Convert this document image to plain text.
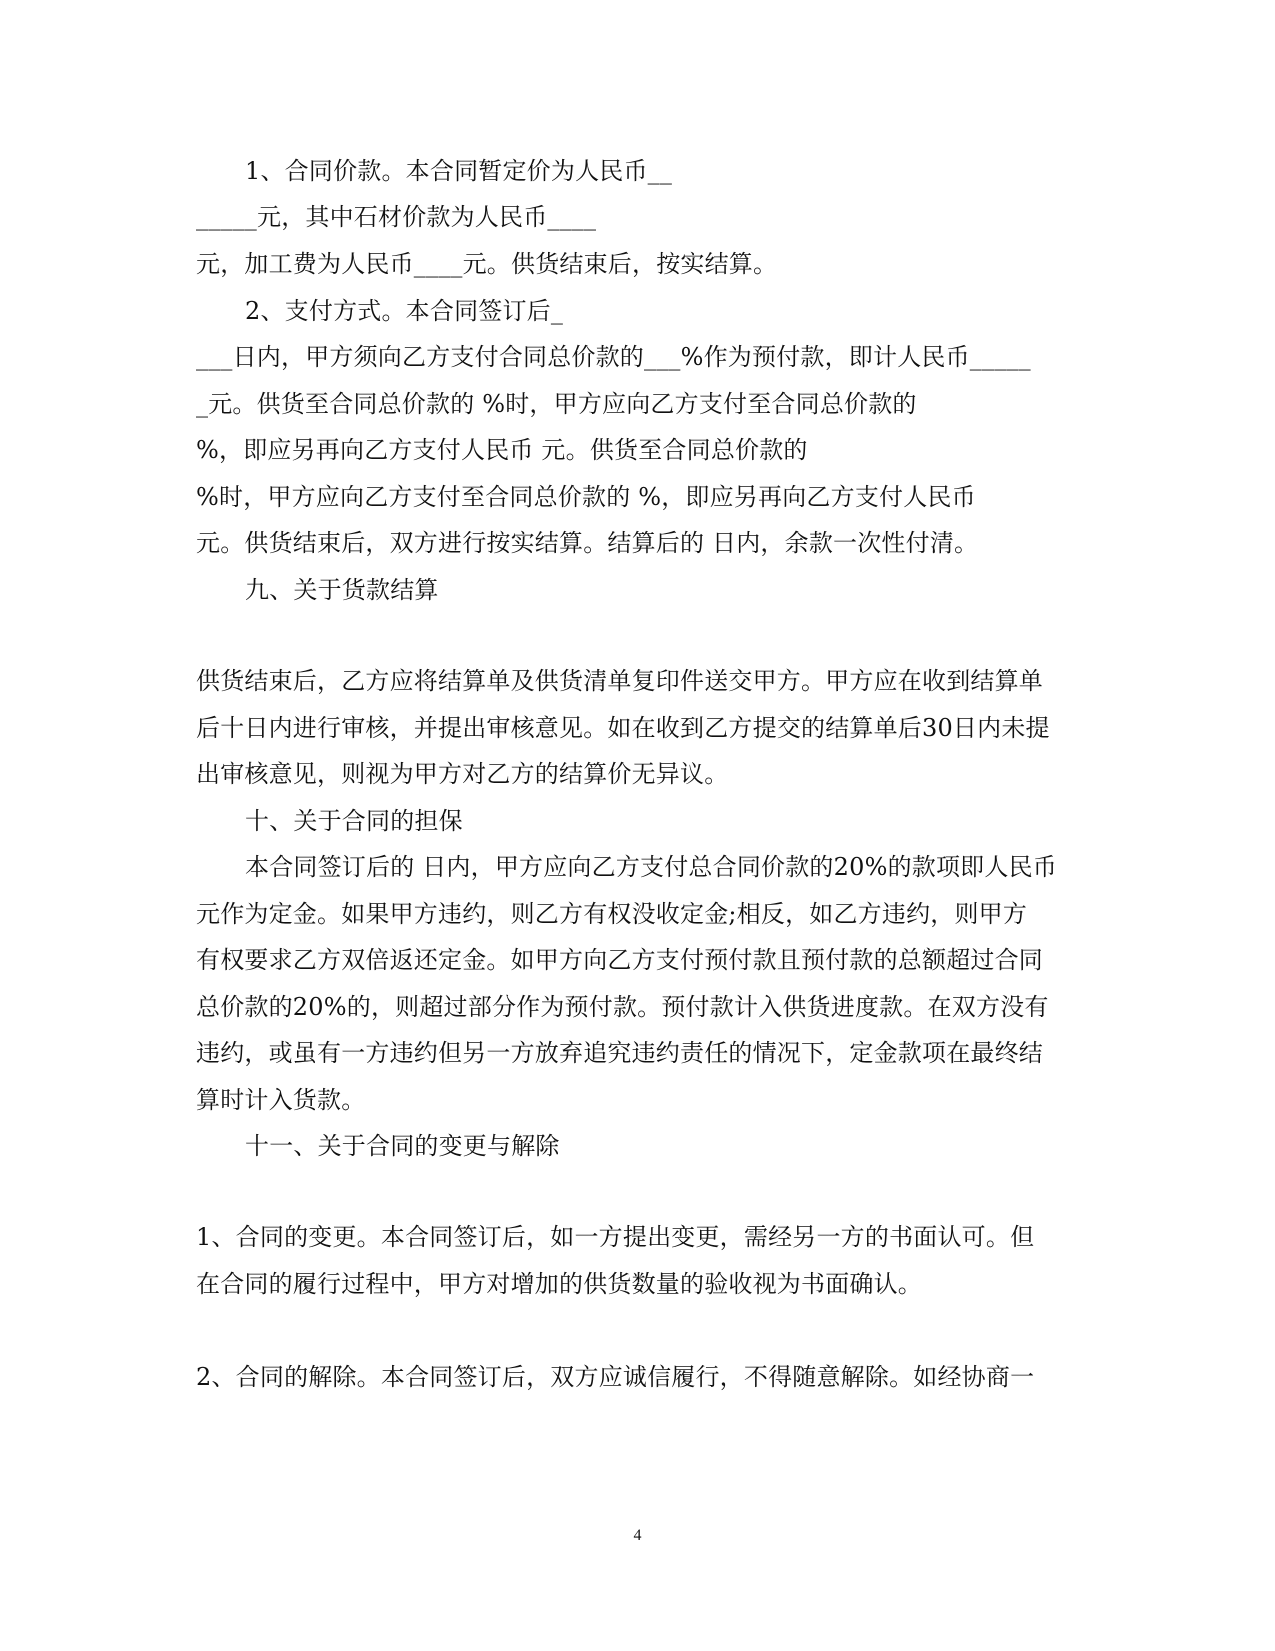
1、合同价款。本合同暂定价为人民币__
_____元，其中石材价款为人民币____
元，加工费为人民币____元。供货结束后，按实结算。
2、支付方式。本合同签订后_
___日内，甲方须向乙方支付合同总价款的___%作为预付款，即计人民币_____
_元。供货至合同总价款的 %时，甲方应向乙方支付至合同总价款的
%，即应另再向乙方支付人民币 元。供货至合同总价款的
%时，甲方应向乙方支付至合同总价款的 %，即应另再向乙方支付人民币
元。供货结束后，双方进行按实结算。结算后的 日内，余款一次性付清。
九、关于货款结算
供货结束后，乙方应将结算单及供货清单复印件送交甲方。甲方应在收到结算单
后十日内进行审核，并提出审核意见。如在收到乙方提交的结算单后30日内未提
出审核意见，则视为甲方对乙方的结算价无异议。
十、关于合同的担保
本合同签订后的 日内，甲方应向乙方支付总合同价款的20%的款项即人民币
元作为定金。如果甲方违约，则乙方有权没收定金;相反，如乙方违约，则甲方
有权要求乙方双倍返还定金。如甲方向乙方支付预付款且预付款的总额超过合同
总价款的20%的，则超过部分作为预付款。预付款计入供货进度款。在双方没有
违约，或虽有一方违约但另一方放弃追究违约责任的情况下，定金款项在最终结
算时计入货款。
十一、关于合同的变更与解除
1、合同的变更。本合同签订后，如一方提出变更，需经另一方的书面认可。但
在合同的履行过程中，甲方对增加的供货数量的验收视为书面确认。
2、合同的解除。本合同签订后，双方应诚信履行，不得随意解除。如经协商一
4
